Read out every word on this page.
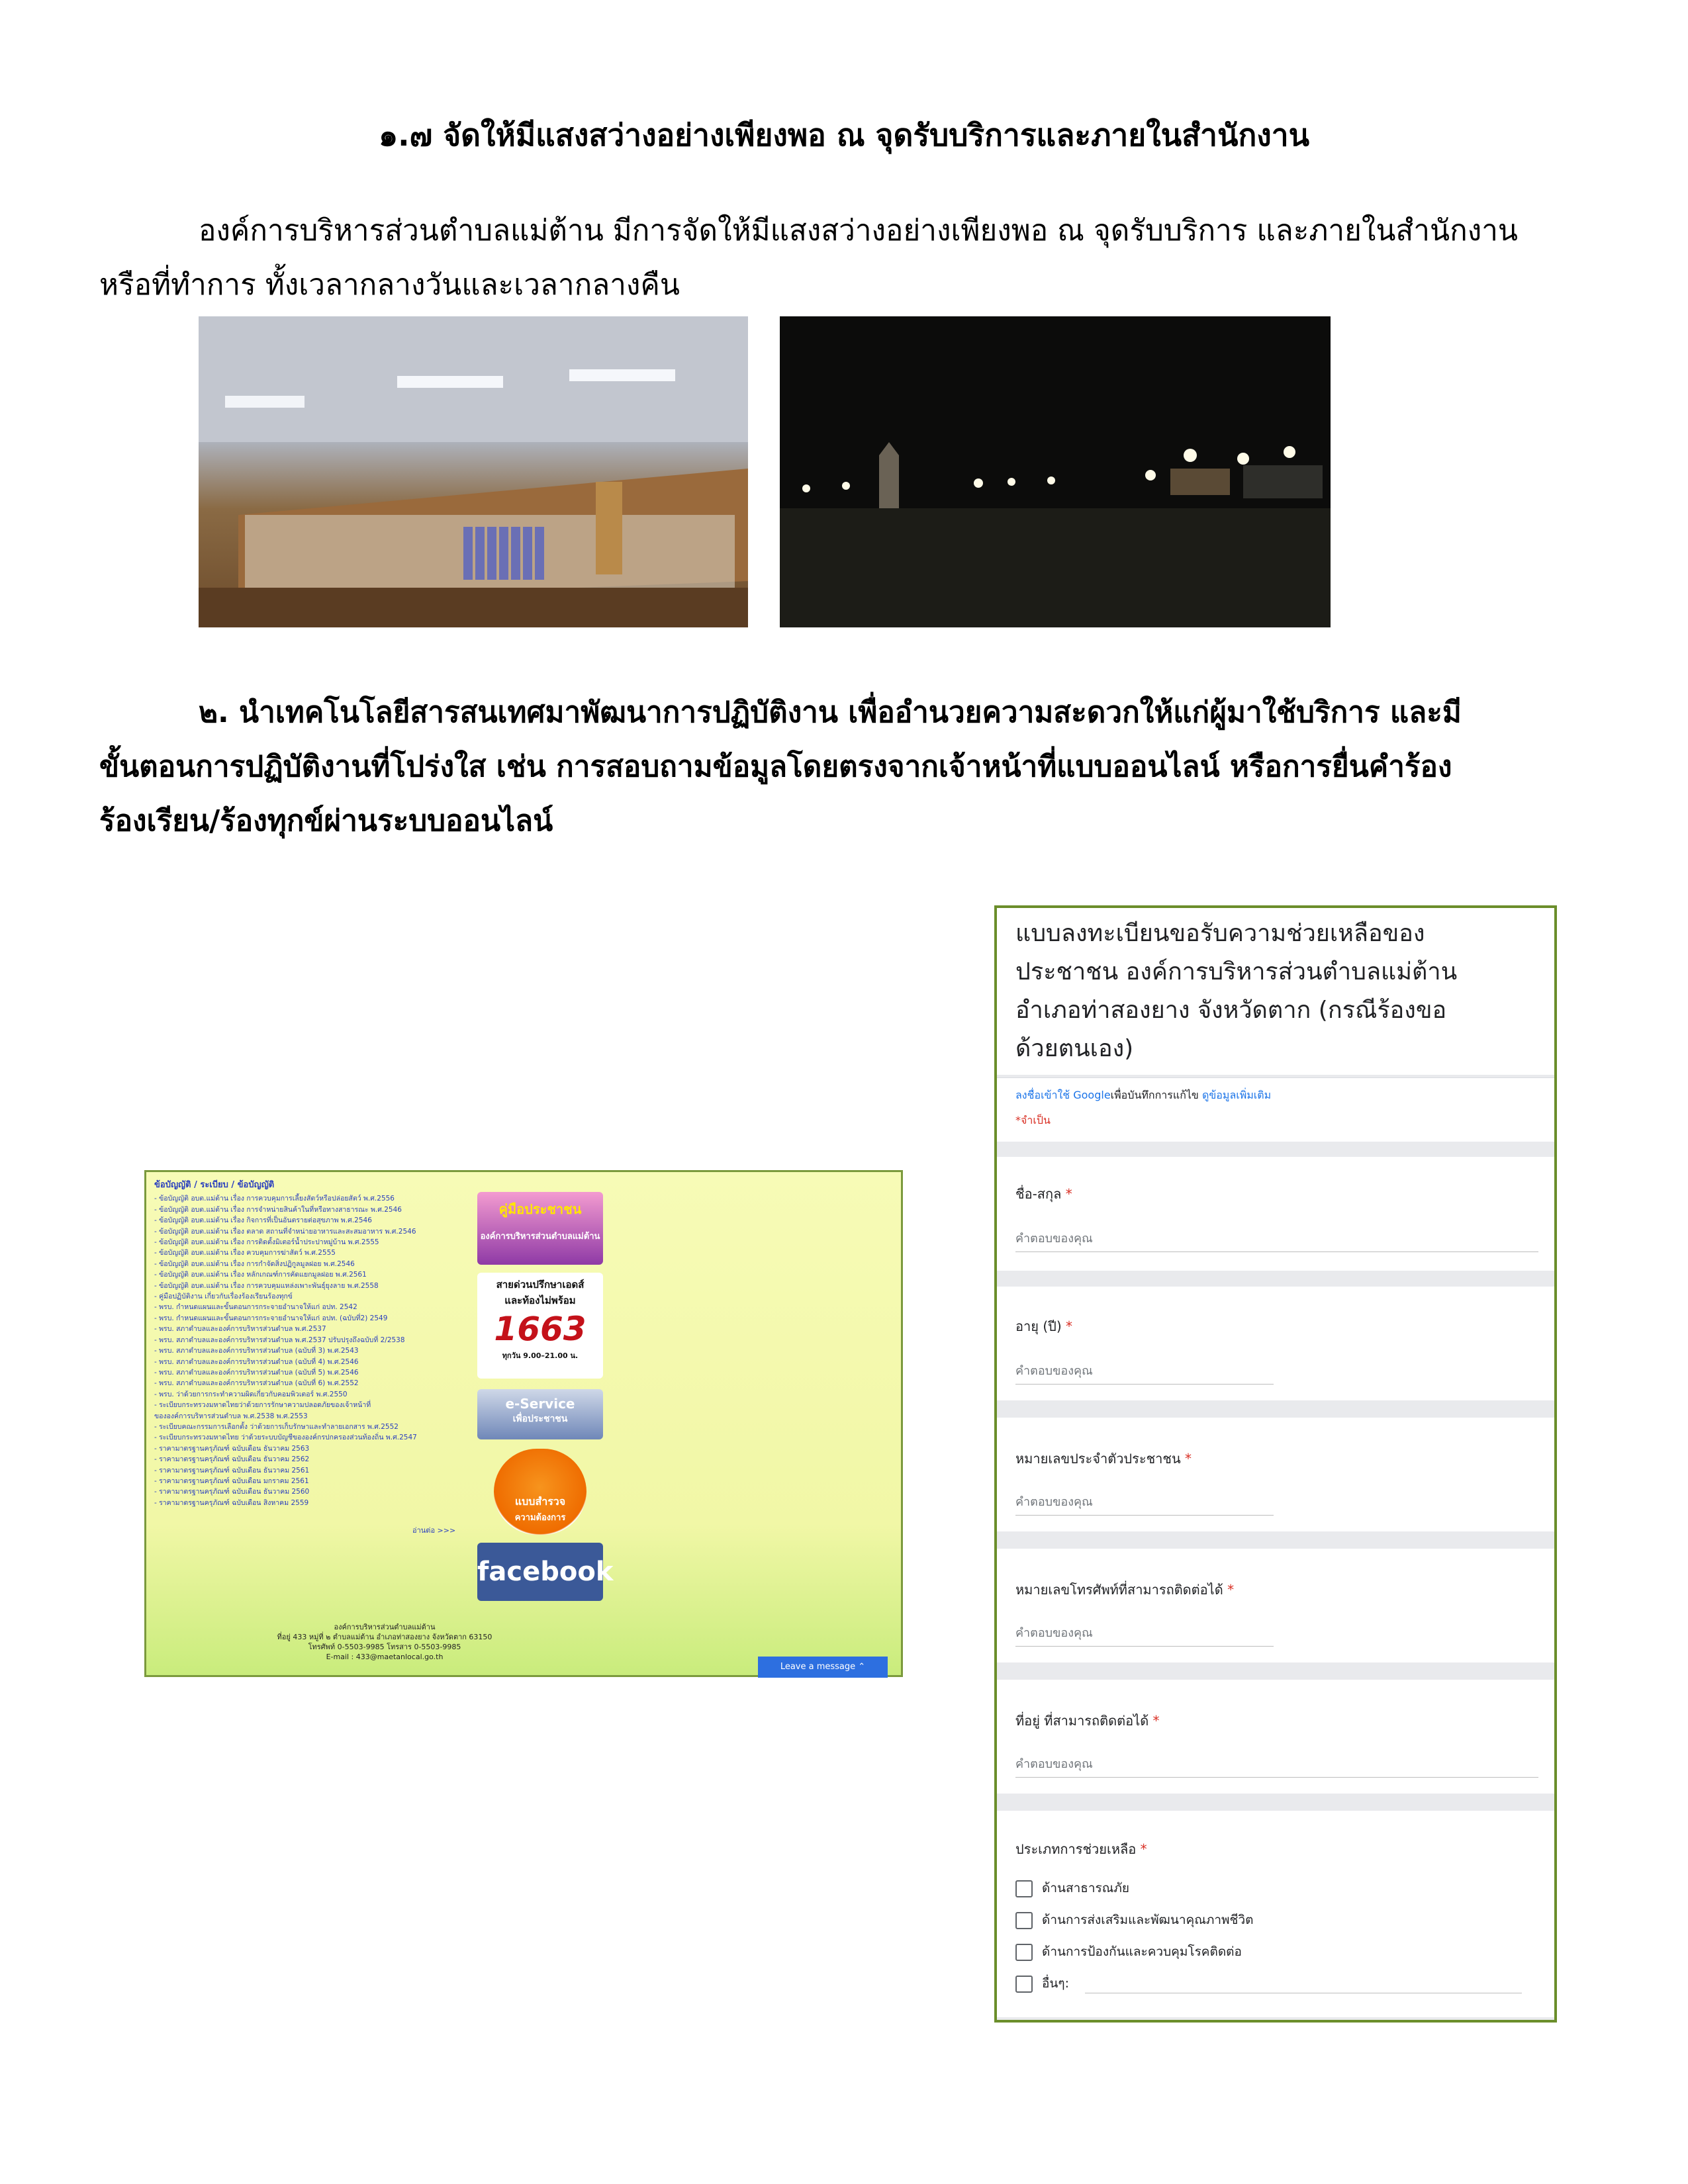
๑.๗ จัดให้มีแสงสว่างอย่างเพียงพอ ณ จุดรับบริการและภายในสำนักงาน
องค์การบริหารส่วนตำบลแม่ต้าน มีการจัดให้มีแสงสว่างอย่างเพียงพอ ณ จุดรับบริการ และภายในสำนักงาน
หรือที่ทำการ ทั้งเวลากลางวันและเวลากลางคืน
๒. นำเทคโนโลยีสารสนเทศมาพัฒนาการปฏิบัติงาน เพื่ออำนวยความสะดวกให้แก่ผู้มาใช้บริการ และมี
ขั้นตอนการปฏิบัติงานที่โปร่งใส เช่น การสอบถามข้อมูลโดยตรงจากเจ้าหน้าที่แบบออนไลน์ หรือการยื่นคำร้อง
ร้องเรียน/ร้องทุกข์ผ่านระบบออนไลน์
ข้อบัญญัติ / ระเบียบ / ข้อบัญญัติ
- ข้อบัญญัติ อบต.แม่ต้าน เรื่อง การควบคุมการเลี้ยงสัตว์หรือปล่อยสัตว์ พ.ศ.2556
- ข้อบัญญัติ อบต.แม่ต้าน เรื่อง การจำหน่ายสินค้าในที่หรือทางสาธารณะ พ.ศ.2546
- ข้อบัญญัติ อบต.แม่ต้าน เรื่อง กิจการที่เป็นอันตรายต่อสุขภาพ พ.ศ.2546
- ข้อบัญญัติ อบต.แม่ต้าน เรื่อง ตลาด สถานที่จำหน่ายอาหารและสะสมอาหาร พ.ศ.2546
- ข้อบัญญัติ อบต.แม่ต้าน เรื่อง การติดตั้งมิเตอร์น้ำประปาหมู่บ้าน พ.ศ.2555
- ข้อบัญญัติ อบต.แม่ต้าน เรื่อง ควบคุมการฆ่าสัตว์ พ.ศ.2555
- ข้อบัญญัติ อบต.แม่ต้าน เรื่อง การกำจัดสิ่งปฏิกูลมูลฝอย พ.ศ.2546
- ข้อบัญญัติ อบต.แม่ต้าน เรื่อง หลักเกณฑ์การคัดแยกมูลฝอย พ.ศ.2561
- ข้อบัญญัติ อบต.แม่ต้าน เรื่อง การควบคุมแหล่งเพาะพันธุ์ยุงลาย พ.ศ.2558
- คู่มือปฏิบัติงาน เกี่ยวกับเรื่องร้องเรียนร้องทุกข์
- พรบ. กำหนดแผนและขั้นตอนการกระจายอำนาจให้แก่ อปท. 2542
- พรบ. กำหนดแผนและขั้นตอนการกระจายอำนาจให้แก่ อปท. (ฉบับที่2) 2549
- พรบ. สภาตำบลและองค์การบริหารส่วนตำบล พ.ศ.2537
- พรบ. สภาตำบลและองค์การบริหารส่วนตำบล พ.ศ.2537 ปรับปรุงถึงฉบับที่ 2/2538
- พรบ. สภาตำบลและองค์การบริหารส่วนตำบล (ฉบับที่ 3) พ.ศ.2543
- พรบ. สภาตำบลและองค์การบริหารส่วนตำบล (ฉบับที่ 4) พ.ศ.2546
- พรบ. สภาตำบลและองค์การบริหารส่วนตำบล (ฉบับที่ 5) พ.ศ.2546
- พรบ. สภาตำบลและองค์การบริหารส่วนตำบล (ฉบับที่ 6) พ.ศ.2552
- พรบ. ว่าด้วยการกระทำความผิดเกี่ยวกับคอมพิวเตอร์ พ.ศ.2550
- ระเบียบกระทรวงมหาดไทยว่าด้วยการรักษาความปลอดภัยของเจ้าหน้าที่
ขององค์การบริหารส่วนตำบล พ.ศ.2538 พ.ศ.2553
- ระเบียบคณะกรรมการเลือกตั้ง ว่าด้วยการเก็บรักษาและทำลายเอกสาร พ.ศ.2552
- ระเบียบกระทรวงมหาดไทย ว่าด้วยระบบบัญชีขององค์กรปกครองส่วนท้องถิ่น พ.ศ.2547
- ราคามาตรฐานครุภัณฑ์ ฉบับเดือน ธันวาคม 2563
- ราคามาตรฐานครุภัณฑ์ ฉบับเดือน ธันวาคม 2562
- ราคามาตรฐานครุภัณฑ์ ฉบับเดือน ธันวาคม 2561
- ราคามาตรฐานครุภัณฑ์ ฉบับเดือน มกราคม 2561
- ราคามาตรฐานครุภัณฑ์ ฉบับเดือน ธันวาคม 2560
- ราคามาตรฐานครุภัณฑ์ ฉบับเดือน สิงหาคม 2559
อ่านต่อ >>>
คู่มือประชาชน
องค์การบริหารส่วนตำบลแม่ต้าน
สายด่วนปรึกษาเอดส์
และท้องไม่พร้อม
1663
ทุกวัน 9.00–21.00 น.
e-Service
เพื่อประชาชน
แบบสำรวจ
ความต้องการ
facebook
องค์การบริหารส่วนตำบลแม่ต้าน
ที่อยู่ 433 หมู่ที่ ๒ ตำบลแม่ต้าน อำเภอท่าสองยาง จังหวัดตาก 63150
โทรศัพท์ 0-5503-9985 โทรสาร 0-5503-9985
E-mail : 433@maetanlocal.go.th
Leave a message ⌃
แบบลงทะเบียนขอรับความช่วยเหลือของ
ประชาชน องค์การบริหารส่วนตำบลแม่ต้าน
อำเภอท่าสองยาง จังหวัดตาก (กรณีร้องขอ
ด้วยตนเอง)
ลงชื่อเข้าใช้ Googleเพื่อบันทึกการแก้ไข ดูข้อมูลเพิ่มเติม
*จำเป็น
ชื่อ-สกุล *
คำตอบของคุณ
อายุ (ปี) *
คำตอบของคุณ
หมายเลขประจำตัวประชาชน *
คำตอบของคุณ
หมายเลขโทรศัพท์ที่สามารถติดต่อได้ *
คำตอบของคุณ
ที่อยู่ ที่สามารถติดต่อได้ *
คำตอบของคุณ
ประเภทการช่วยเหลือ *
ด้านสาธารณภัย
ด้านการส่งเสริมและพัฒนาคุณภาพชีวิต
ด้านการป้องกันและควบคุมโรคติดต่อ
อื่นๆ:
